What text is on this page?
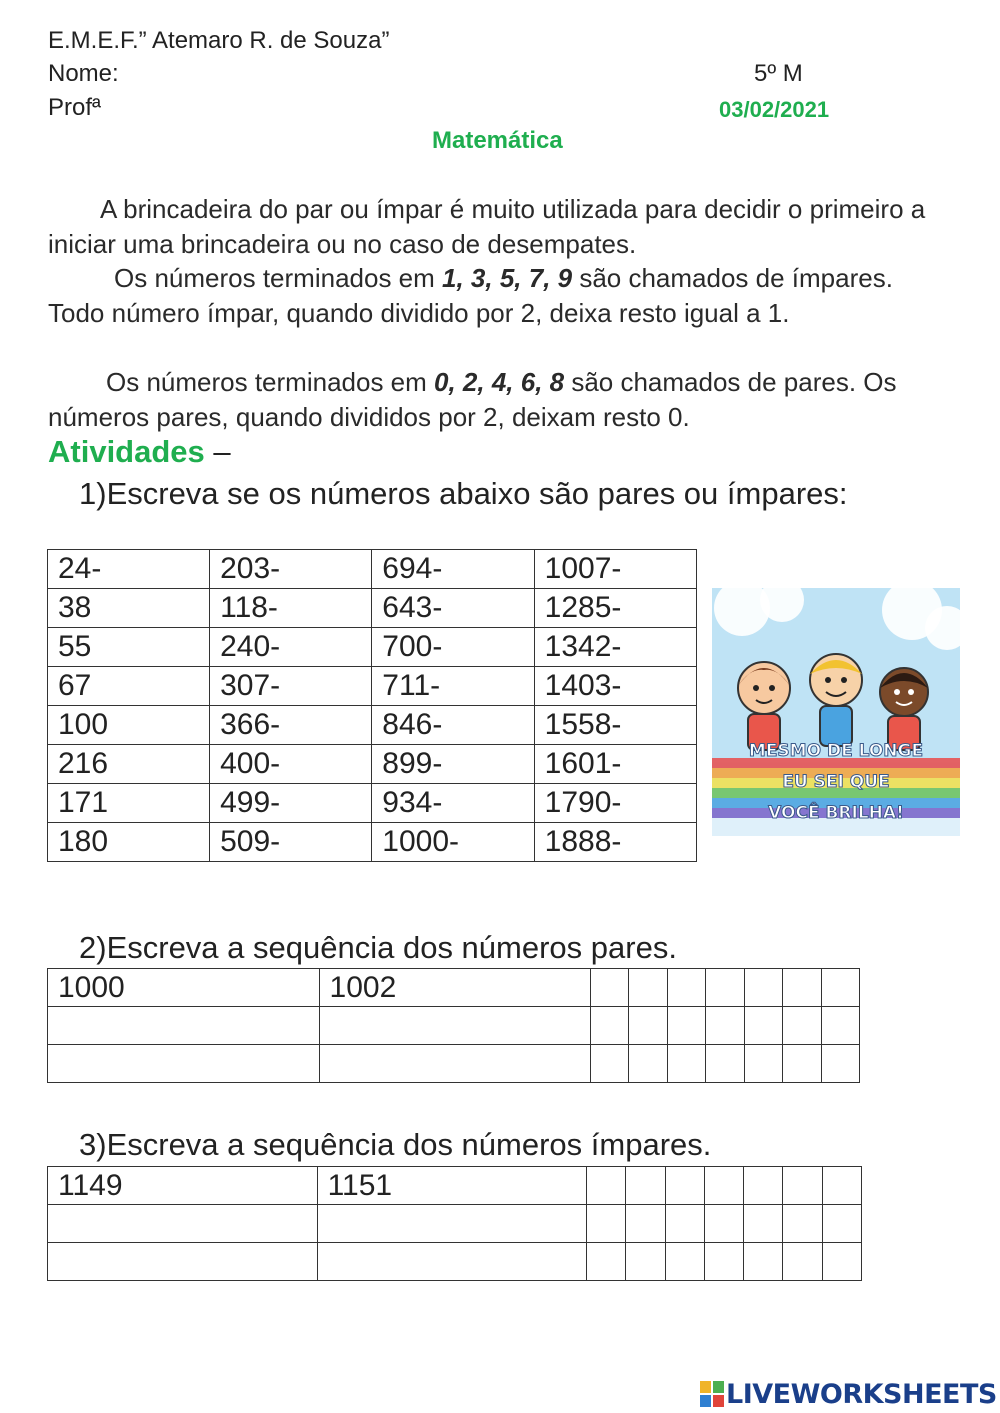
E.M.E.F.” Atemaro R. de Souza”
Nome:	5º M
Profª	03/02/2021
Matemática
A brincadeira do par ou ímpar é muito utilizada para decidir o primeiro a iniciar uma brincadeira ou no caso de desempates.
Os números terminados em 1, 3, 5, 7, 9 são chamados de ímpares. Todo número ímpar, quando dividido por 2, deixa resto igual a 1.
Os números terminados em 0, 2, 4, 6, 8 são chamados de pares. Os números pares, quando divididos por 2, deixam resto 0.
Atividades –
1)Escreva se os números abaixo são pares ou ímpares:
24-	203-	694-	1007-
38	118-	643-	1285-
55	240-	700-	1342-
67	307-	711-	1403-
100	366-	846-	1558-
216	400-	899-	1601-
171	499-	934-	1790-
180	509-	1000-	1888-
MESMO DE LONGE
EU SEI QUE
VOCÊ BRILHA!
2)Escreva a sequência dos números pares.
1000	1002							

3)Escreva a sequência dos números ímpares.
1149	1151							

LIVEWORKSHEETS
